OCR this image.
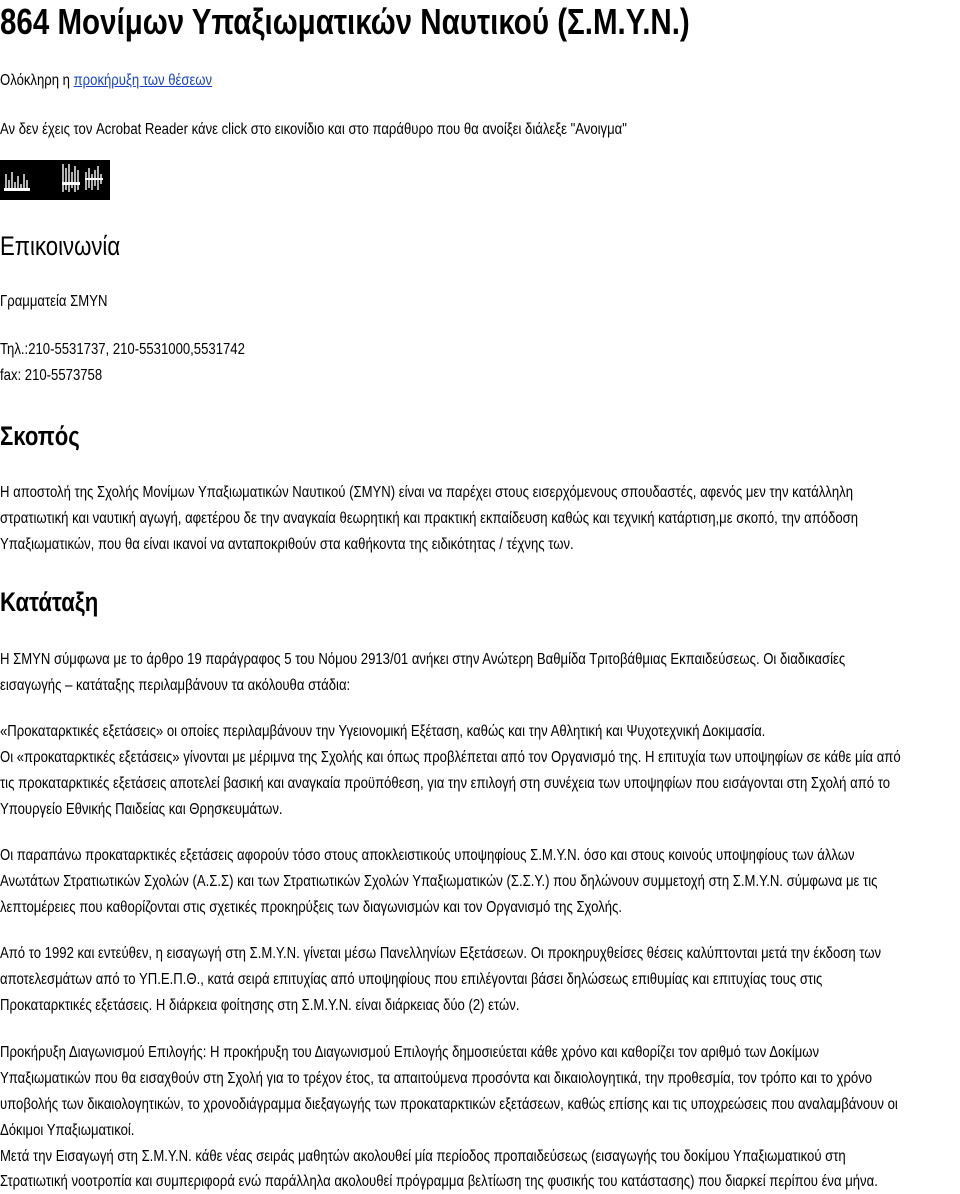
864 Μονίμων Υπαξιωματικών Ναυτικού (Σ.Μ.Υ.Ν.)
Ολόκληρη η προκήρυξη των θέσεων
Αν δεν έχεις τον Acrobat Reader κάνε click στο εικονίδιο και στο παράθυρο που θα ανοίξει διάλεξε "Ανοιγμα"
Επικοινωνία
Γραμματεία ΣΜΥΝ
Τηλ.:210-5531737, 210-5531000,5531742
fax: 210-5573758
Σκοπός
Η αποστολή της Σχολής Μονίμων Υπαξιωματικών Ναυτικού (ΣΜΥΝ) είναι να παρέχει στους εισερχόμενους σπουδαστές, αφενός μεν την κατάλληλη
στρατιωτική και ναυτική αγωγή, αφετέρου δε την αναγκαία θεωρητική και πρακτική εκπαίδευση καθώς και τεχνική κατάρτιση,με σκοπό, την απόδοση
Υπαξιωματικών, που θα είναι ικανοί να ανταποκριθούν στα καθήκοντα της ειδικότητας / τέχνης των.
Κατάταξη
Η ΣΜΥΝ σύμφωνα με το άρθρο 19 παράγραφος 5 του Νόμου 2913/01 ανήκει στην Ανώτερη Βαθμίδα Τριτοβάθμιας Εκπαιδεύσεως. Οι διαδικασίες
εισαγωγής – κατάταξης περιλαμβάνουν τα ακόλουθα στάδια:
«Προκαταρκτικές εξετάσεις» οι οποίες περιλαμβάνουν την Υγειονομική Εξέταση, καθώς και την Αθλητική και Ψυχοτεχνική Δοκιμασία.
Οι «προκαταρκτικές εξετάσεις» γίνονται με μέριμνα της Σχολής και όπως προβλέπεται από τον Οργανισμό της. Η επιτυχία των υποψηφίων σε κάθε μία από
τις προκαταρκτικές εξετάσεις αποτελεί βασική και αναγκαία προϋπόθεση, για την επιλογή στη συνέχεια των υποψηφίων που εισάγονται στη Σχολή από το
Υπουργείο Εθνικής Παιδείας και Θρησκευμάτων.
Οι παραπάνω προκαταρκτικές εξετάσεις αφορούν τόσο στους αποκλειστικούς υποψηφίους Σ.Μ.Υ.Ν. όσο και στους κοινούς υποψηφίους των άλλων
Ανωτάτων Στρατιωτικών Σχολών (Α.Σ.Σ) και των Στρατιωτικών Σχολών Υπαξιωματικών (Σ.Σ.Υ.) που δηλώνουν συμμετοχή στη Σ.Μ.Υ.Ν. σύμφωνα με τις
λεπτομέρειες που καθορίζονται στις σχετικές προκηρύξεις των διαγωνισμών και τον Οργανισμό της Σχολής.
Από το 1992 και εντεύθεν, η εισαγωγή στη Σ.Μ.Υ.Ν. γίνεται μέσω Πανελληνίων Εξετάσεων. Οι προκηρυχθείσες θέσεις καλύπτονται μετά την έκδοση των
αποτελεσμάτων από το ΥΠ.Ε.Π.Θ., κατά σειρά επιτυχίας από υποψηφίους που επιλέγονται βάσει δηλώσεως επιθυμίας και επιτυχίας τους στις
Προκαταρκτικές εξετάσεις. Η διάρκεια φοίτησης στη Σ.Μ.Υ.Ν. είναι διάρκειας δύο (2) ετών.
Προκήρυξη Διαγωνισμού Επιλογής: Η προκήρυξη του Διαγωνισμού Επιλογής δημοσιεύεται κάθε χρόνο και καθορίζει τον αριθμό των Δοκίμων
Υπαξιωματικών που θα εισαχθούν στη Σχολή για το τρέχον έτος, τα απαιτούμενα προσόντα και δικαιολογητικά, την προθεσμία, τον τρόπο και το χρόνο
υποβολής των δικαιολογητικών, το χρονοδιάγραμμα διεξαγωγής των προκαταρκτικών εξετάσεων, καθώς επίσης και τις υποχρεώσεις που αναλαμβάνουν οι
Δόκιμοι Υπαξιωματικοί.
Μετά την Εισαγωγή στη Σ.Μ.Υ.Ν. κάθε νέας σειράς μαθητών ακολουθεί μία περίοδος προπαιδεύσεως (εισαγωγής του δοκίμου Υπαξιωματικού στη
Στρατιωτική νοοτροπία και συμπεριφορά ενώ παράλληλα ακολουθεί πρόγραμμα βελτίωση της φυσικής του κατάστασης) που διαρκεί περίπου ένα μήνα.
